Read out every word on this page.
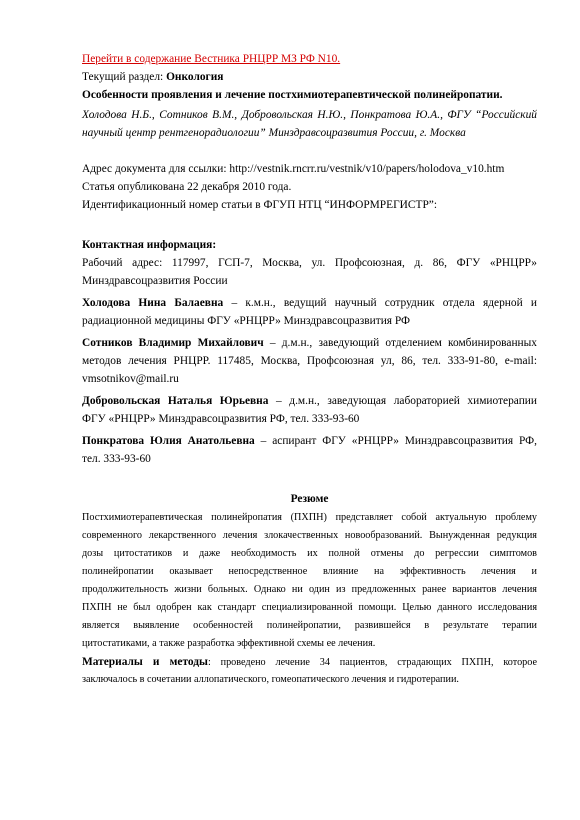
Перейти в содержание Вестника РНЦРР МЗ РФ N10.
Текущий раздел: Онкология
Особенности проявления и лечение постхимиотерапевтической полинейропатии.
Холодова Н.Б., Сотников В.М., Добровольская Н.Ю., Понкратова Ю.А., ФГУ “Российский
научный центр рентгенорадиологии” Минздравсоцразвития России, г. Москва
Адрес документа для ссылки: http://vestnik.rncrr.ru/vestnik/v10/papers/holodova_v10.htm
Статья опубликована 22 декабря 2010 года.
Идентификационный номер статьи в ФГУП НТЦ “ИНФОРМРЕГИСТР”:
Контактная информация:
Рабочий адрес: 117997, ГСП-7, Москва, ул. Профсоюзная, д. 86, ФГУ «РНЦРР»
Минздравсоцразвития России
Холодова Нина Балаевна – к.м.н., ведущий научный сотрудник отдела ядерной и
радиационной медицины ФГУ «РНЦРР» Минздравсоцразвития РФ
Сотников Владимир Михайлович – д.м.н., заведующий отделением комбинированных
методов лечения РНЦРР. 117485, Москва, Профсоюзная ул, 86, тел. 333-91-80, e-mail:
vmsotnikov@mail.ru
Добровольская Наталья Юрьевна – д.м.н., заведующая лабораторией химиотерапии
ФГУ «РНЦРР» Минздравсоцразвития РФ, тел. 333-93-60
Понкратова Юлия Анатольевна – аспирант ФГУ «РНЦРР» Минздравсоцразвития РФ,
тел. 333-93-60
Резюме
Постхимиотерапевтическая полинейропатия (ПХПН) представляет собой актуальную проблему
современного лекарственного лечения злокачественных новообразований. Вынужденная редукция
дозы цитостатиков и даже необходимость их полной отмены до регрессии симптомов
полинейропатии оказывает непосредственное влияние на эффективность лечения и
продолжительность жизни больных. Однако ни один из предложенных ранее вариантов лечения
ПХПН не был одобрен как стандарт специализированной помощи. Целью данного исследования
является выявление особенностей полинейропатии, развившейся в результате терапии
цитостатиками, а также разработка эффективной схемы ее лечения.
Материалы и методы: проведено лечение 34 пациентов, страдающих ПХПН, которое
заключалось в сочетании аллопатического, гомеопатического лечения и гидротерапии.
